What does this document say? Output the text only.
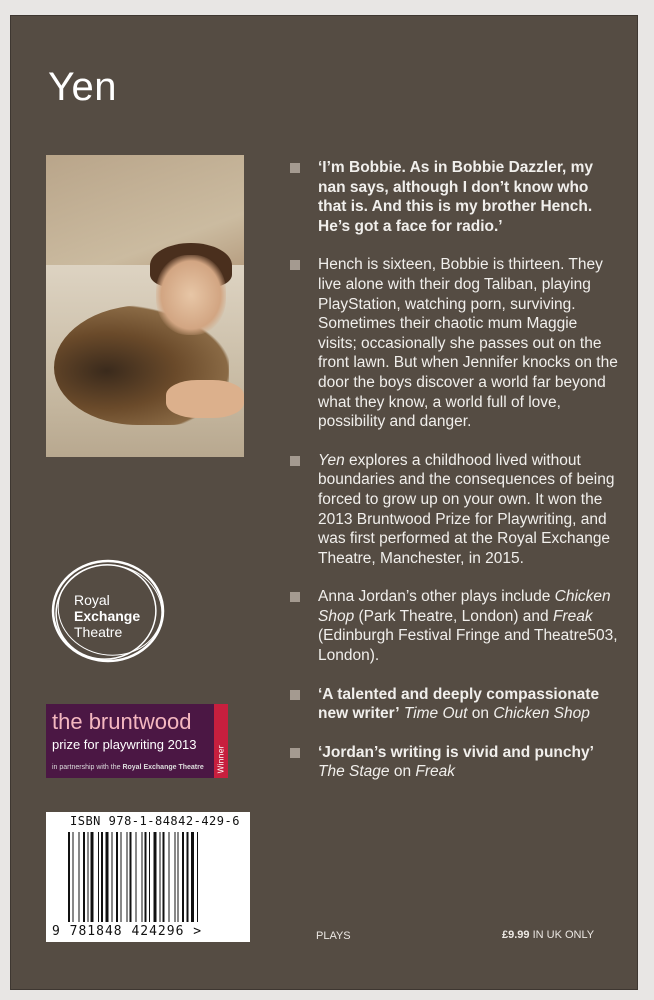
Yen
Royal
Exchange
Theatre
the bruntwood
prize for playwriting 2013
in partnership with the Royal Exchange Theatre Winner
ISBN 978-1-84842-429-6
9 781848 424296 >
‘I’m Bobbie. As in Bobbie Dazzler, my nan says, although I don’t know who that is. And this is my brother Hench. He’s got a face for radio.’
Hench is sixteen, Bobbie is thirteen. They live alone with their dog Taliban, playing PlayStation, watching porn, surviving. Sometimes their chaotic mum Maggie visits; occasionally she passes out on the front lawn. But when Jennifer knocks on the door the boys discover a world far beyond what they know, a world full of love, possibility and danger.
Yen explores a childhood lived without boundaries and the consequences of being forced to grow up on your own. It won the 2013 Bruntwood Prize for Playwriting, and was first performed at the Royal Exchange Theatre, Manchester, in 2015.
Anna Jordan’s other plays include Chicken Shop (Park Theatre, London) and Freak (Edinburgh Festival Fringe and Theatre503, London).
‘A talented and deeply compassionate new writer’ Time Out on Chicken Shop
‘Jordan’s writing is vivid and punchy’ The Stage on Freak
PLAYS	£9.99 IN UK ONLY
